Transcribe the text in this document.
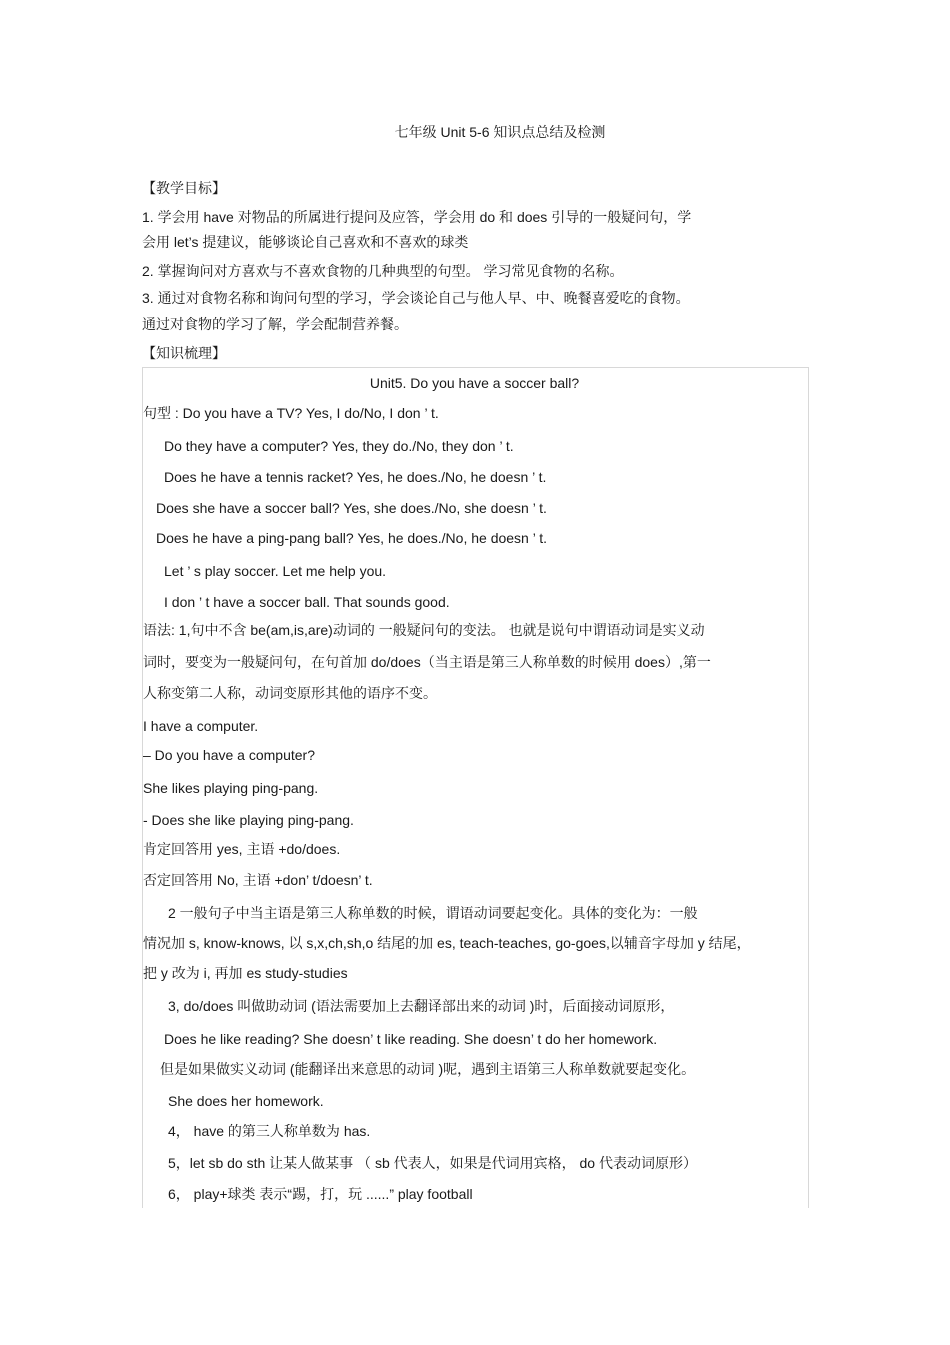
七年级 Unit 5-6 知识点总结及检测
【教学目标】
1. 学会用 have 对物品的所属进行提问及应答，学会用 do 和 does 引导的一般疑问句，学
会用 let’s 提建议，能够谈论自己喜欢和不喜欢的球类
2. 掌握询问对方喜欢与不喜欢食物的几种典型的句型。 学习常见食物的名称。
3. 通过对食物名称和询问句型的学习，学会谈论自己与他人早、中、晚餐喜爱吃的食物。
通过对食物的学习了解，学会配制营养餐。
【知识梳理】
Unit5. Do you have a soccer ball?
句型 : Do you have a TV? Yes, I do/No, I don ’ t.
Do they have a computer? Yes, they do./No, they don ’ t.
Does he have a tennis racket? Yes, he does./No, he doesn ’ t.
Does she have a soccer ball? Yes, she does./No, she doesn ’ t.
Does he have a ping-pang ball? Yes, he does./No, he doesn ’ t.
Let ’ s play soccer. Let me help you.
I don ’ t have a soccer ball. That sounds good.
语法: 1,句中不含 be(am,is,are)动词的 一般疑问句的变法。 也就是说句中谓语动词是实义动
词时，要变为一般疑问句，在句首加 do/does（当主语是第三人称单数的时候用 does）,第一
人称变第二人称，动词变原形其他的语序不变。
I have a computer.
– Do you have a computer?
She likes playing ping-pang.
- Does she like playing ping-pang.
肯定回答用 yes, 主语 +do/does.
否定回答用 No, 主语 +don’ t/doesn’ t.
2 一般句子中当主语是第三人称单数的时候，谓语动词要起变化。具体的变化为：一般
情况加 s, know-knows, 以 s,x,ch,sh,o 结尾的加 es, teach-teaches, go-goes,以辅音字母加 y 结尾，
把 y 改为 i, 再加 es study-studies
3, do/does 叫做助动词 (语法需要加上去翻译部出来的动词 )时，后面接动词原形，
Does he like reading? She doesn’ t like reading. She doesn’ t do her homework.
但是如果做实义动词 (能翻译出来意思的动词 )呢，遇到主语第三人称单数就要起变化。
She does her homework.
4， have 的第三人称单数为 has.
5，let sb do sth 让某人做某事 （ sb 代表人，如果是代词用宾格， do 代表动词原形）
6， play+球类 表示“踢，打，玩 ......” play football
